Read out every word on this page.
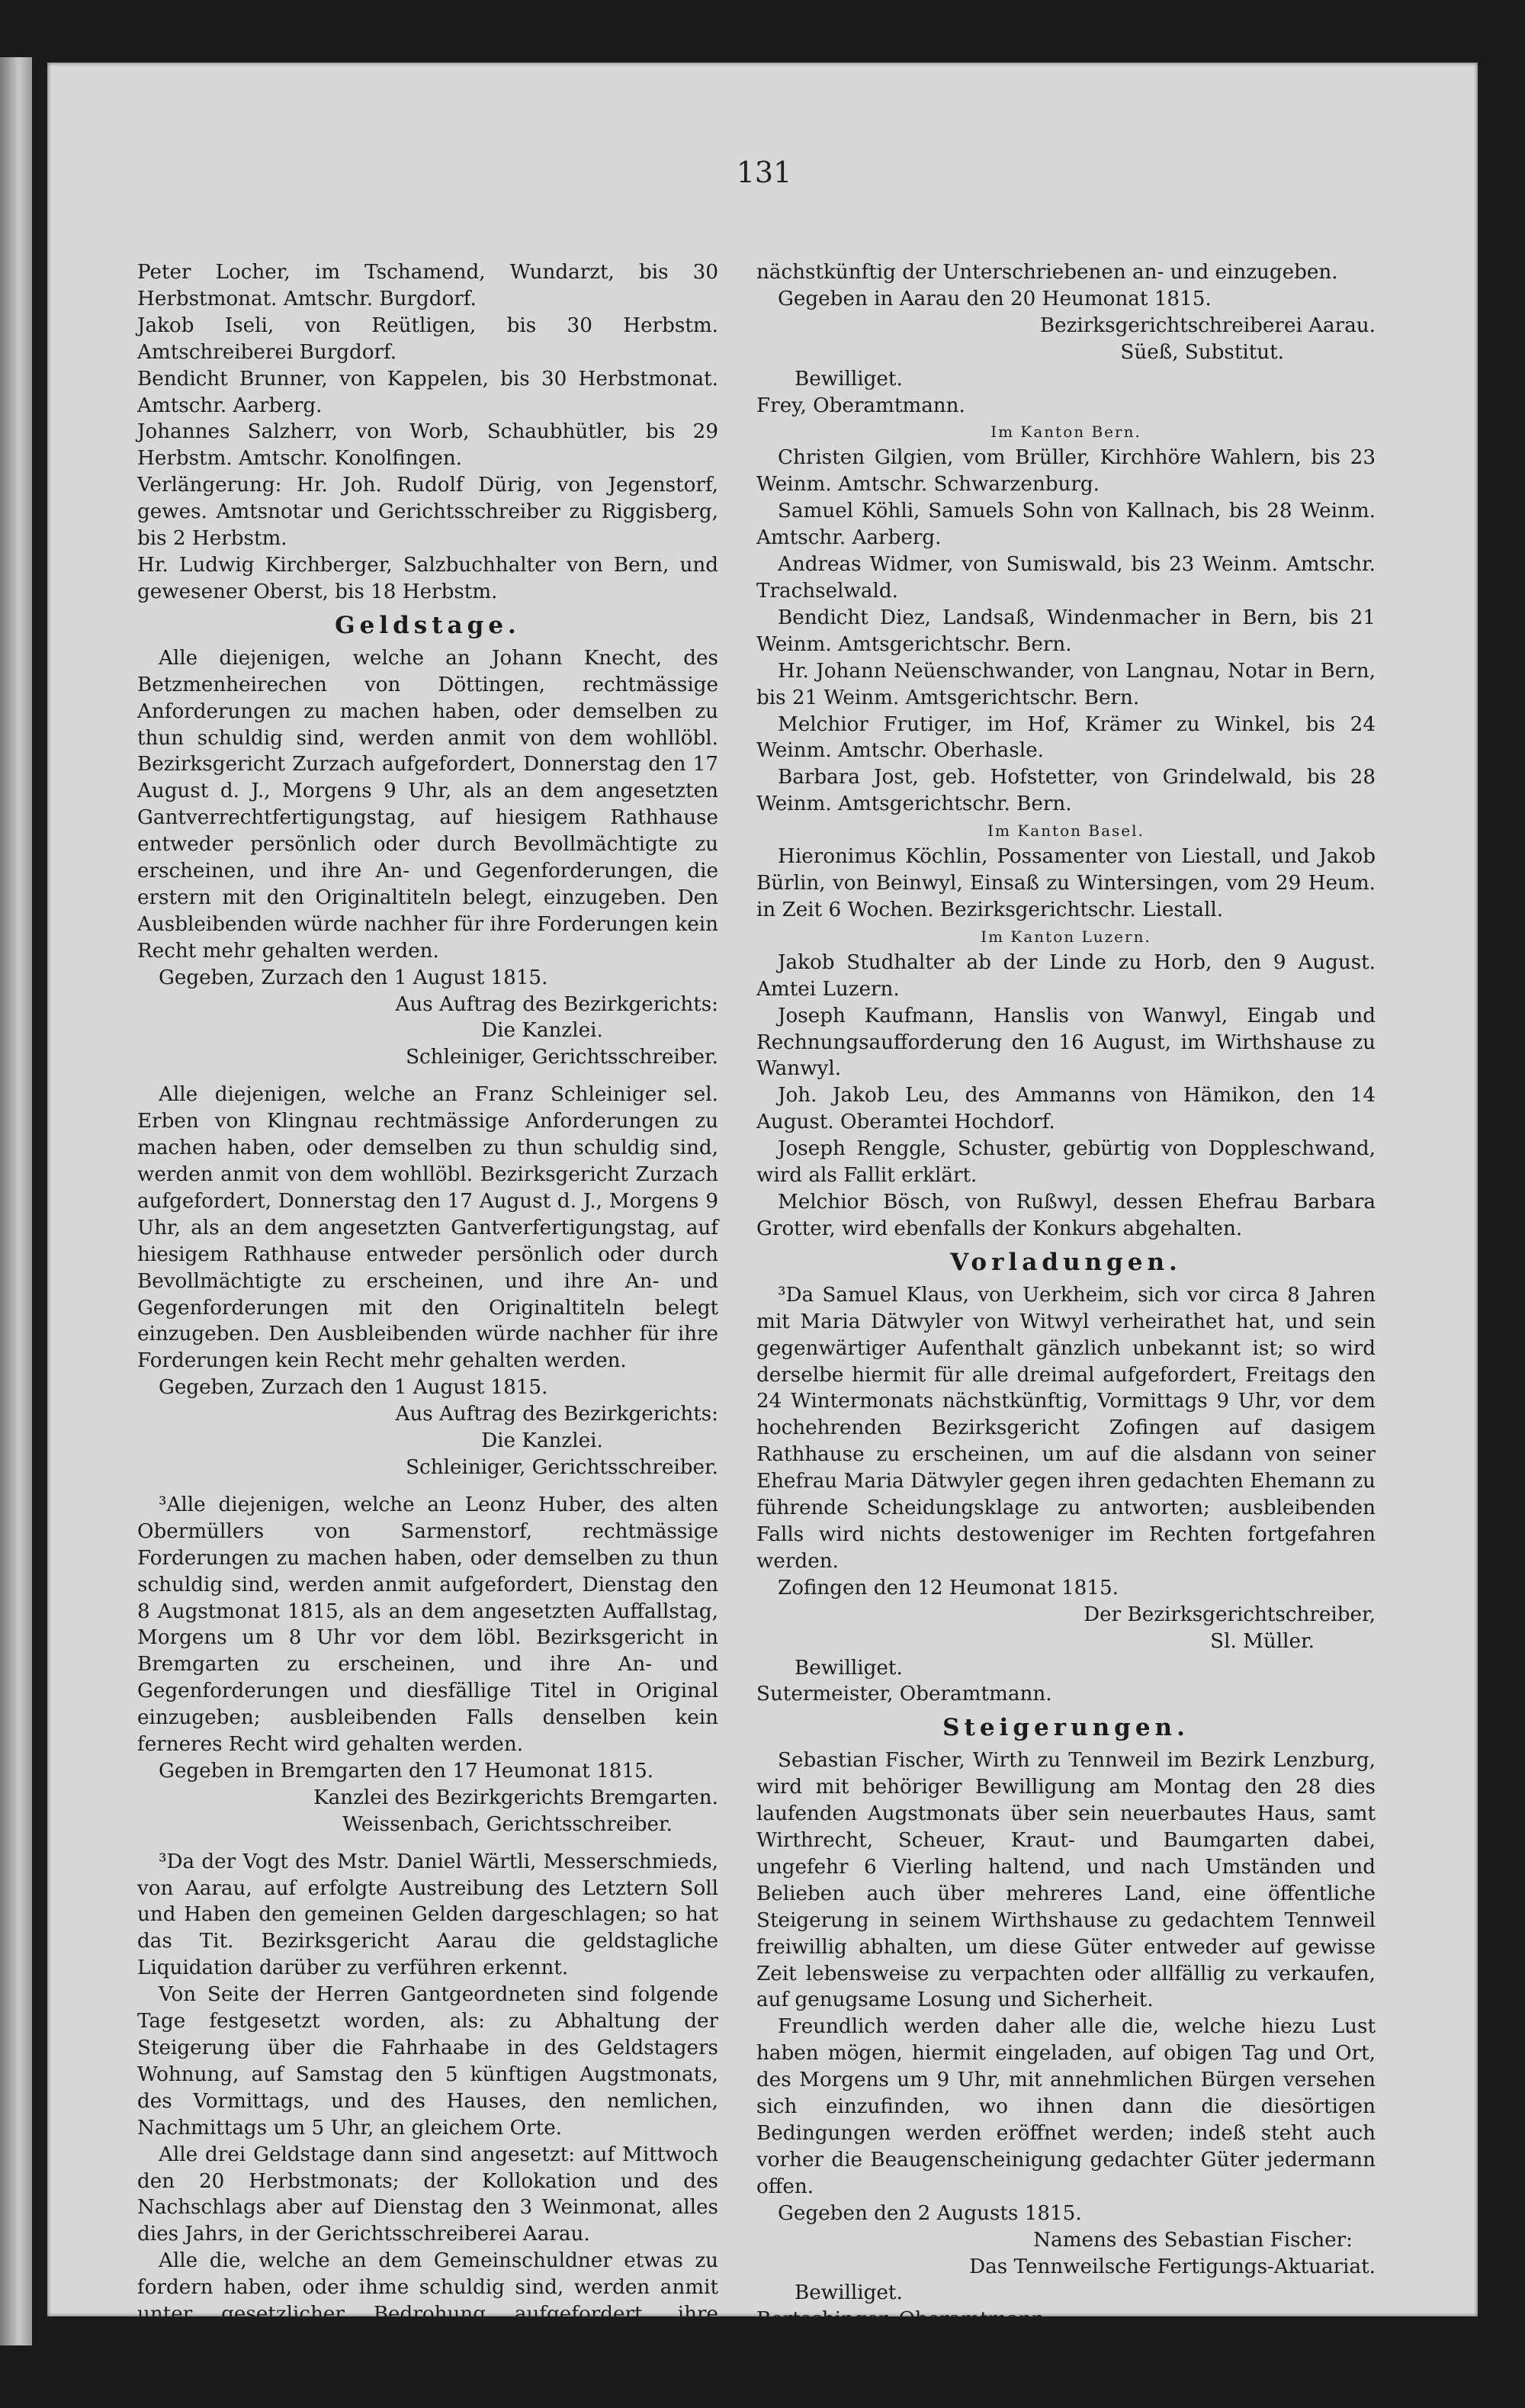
131

Peter Locher, im Tschamend, Wundarzt, bis 30 Herbstmonat. Amtschr. Burgdorf.

Jakob Iseli, von Reütligen, bis 30 Herbstm. Amtschreiberei Burgdorf.

Bendicht Brunner, von Kappelen, bis 30 Herbstmonat. Amtschr. Aarberg.

Johannes Salzherr, von Worb, Schaubhütler, bis 29 Herbstm. Amtschr. Konolfingen.

Verlängerung: Hr. Joh. Rudolf Dürig, von Jegenstorf, gewes. Amtsnotar und Gerichtsschreiber zu Riggisberg, bis 2 Herbstm.

Hr. Ludwig Kirchberger, Salzbuchhalter von Bern, und gewesener Oberst, bis 18 Herbstm.

Geldstage.

Alle diejenigen, welche an Johann Knecht, des Betzmenheirechen von Döttingen, rechtmässige Anforderungen zu machen haben, oder demselben zu thun schuldig sind, werden anmit von dem wohllöbl. Bezirksgericht Zurzach aufgefordert, Donnerstag den 17 August d. J., Morgens 9 Uhr, als an dem angesetzten Gantverrechtfertigungstag, auf hiesigem Rathhause entweder persönlich oder durch Bevollmächtigte zu erscheinen, und ihre An- und Gegenforderungen, die erstern mit den Originaltiteln belegt, einzugeben. Den Ausbleibenden würde nachher für ihre Forderungen kein Recht mehr gehalten werden.

Gegeben, Zurzach den 1 August 1815.

Aus Auftrag des Bezirkgerichts:

Die Kanzlei.

Schleiniger, Gerichtsschreiber.

Alle diejenigen, welche an Franz Schleiniger sel. Erben von Klingnau rechtmässige Anforderungen zu machen haben, oder demselben zu thun schuldig sind, werden anmit von dem wohllöbl. Bezirksgericht Zurzach aufgefordert, Donnerstag den 17 August d. J., Morgens 9 Uhr, als an dem angesetzten Gantverfertigungstag, auf hiesigem Rathhause entweder persönlich oder durch Bevollmächtigte zu erscheinen, und ihre An- und Gegenforderungen mit den Originaltiteln belegt einzugeben. Den Ausbleibenden würde nachher für ihre Forderungen kein Recht mehr gehalten werden.

Gegeben, Zurzach den 1 August 1815.

Aus Auftrag des Bezirkgerichts:

Die Kanzlei.

Schleiniger, Gerichtsschreiber.

³Alle diejenigen, welche an Leonz Huber, des alten Obermüllers von Sarmenstorf, rechtmässige Forderungen zu machen haben, oder demselben zu thun schuldig sind, werden anmit aufgefordert, Dienstag den 8 Augstmonat 1815, als an dem angesetzten Auffallstag, Morgens um 8 Uhr vor dem löbl. Bezirksgericht in Bremgarten zu erscheinen, und ihre An- und Gegenforderungen und diesfällige Titel in Original einzugeben; ausbleibenden Falls denselben kein ferneres Recht wird gehalten werden.

Gegeben in Bremgarten den 17 Heumonat 1815.

Kanzlei des Bezirkgerichts Bremgarten.

Weissenbach, Gerichtsschreiber.

³Da der Vogt des Mstr. Daniel Wärtli, Messerschmieds, von Aarau, auf erfolgte Austreibung des Letztern Soll und Haben den gemeinen Gelden dargeschlagen; so hat das Tit. Bezirksgericht Aarau die geldstagliche Liquidation darüber zu verführen erkennt.

Von Seite der Herren Gantgeordneten sind folgende Tage festgesetzt worden, als: zu Abhaltung der Steigerung über die Fahrhaabe in des Geldstagers Wohnung, auf Samstag den 5 künftigen Augstmonats, des Vormittags, und des Hauses, den nemlichen, Nachmittags um 5 Uhr, an gleichem Orte.

Alle drei Geldstage dann sind angesetzt: auf Mittwoch den 20 Herbstmonats; der Kollokation und des Nachschlags aber auf Dienstag den 3 Weinmonat, alles dies Jahrs, in der Gerichtsschreiberei Aarau.

Alle die, welche an dem Gemeinschuldner etwas zu fordern haben, oder ihme schuldig sind, werden anmit unter gesetzlicher Bedrohung aufgefordert, ihre Anforderungen und Schuldigkeiten schriftlich und wohl spezifizirt, erstere dann gut bescheiniget, bis und mit dem 20 Herbstmonat

nächstkünftig der Unterschriebenen an- und einzugeben.

Gegeben in Aarau den 20 Heumonat 1815.

Bezirksgerichtschreiberei Aarau.

Süeß, Substitut.

Bewilliget.

Frey, Oberamtmann.

Im Kanton Bern.

Christen Gilgien, vom Brüller, Kirchhöre Wahlern, bis 23 Weinm. Amtschr. Schwarzenburg.

Samuel Köhli, Samuels Sohn von Kallnach, bis 28 Weinm. Amtschr. Aarberg.

Andreas Widmer, von Sumiswald, bis 23 Weinm. Amtschr. Trachselwald.

Bendicht Diez, Landsaß, Windenmacher in Bern, bis 21 Weinm. Amtsgerichtschr. Bern.

Hr. Johann Neüenschwander, von Langnau, Notar in Bern, bis 21 Weinm. Amtsgerichtschr. Bern.

Melchior Frutiger, im Hof, Krämer zu Winkel, bis 24 Weinm. Amtschr. Oberhasle.

Barbara Jost, geb. Hofstetter, von Grindelwald, bis 28 Weinm. Amtsgerichtschr. Bern.

Im Kanton Basel.

Hieronimus Köchlin, Possamenter von Liestall, und Jakob Bürlin, von Beinwyl, Einsaß zu Wintersingen, vom 29 Heum. in Zeit 6 Wochen. Bezirksgerichtschr. Liestall.

Im Kanton Luzern.

Jakob Studhalter ab der Linde zu Horb, den 9 August. Amtei Luzern.

Joseph Kaufmann, Hanslis von Wanwyl, Eingab und Rechnungsaufforderung den 16 August, im Wirthshause zu Wanwyl.

Joh. Jakob Leu, des Ammanns von Hämikon, den 14 August. Oberamtei Hochdorf.

Joseph Renggle, Schuster, gebürtig von Doppleschwand, wird als Fallit erklärt.

Melchior Bösch, von Rußwyl, dessen Ehefrau Barbara Grotter, wird ebenfalls der Konkurs abgehalten.

Vorladungen.

³Da Samuel Klaus, von Uerkheim, sich vor circa 8 Jahren mit Maria Dätwyler von Witwyl verheirathet hat, und sein gegenwärtiger Aufenthalt gänzlich unbekannt ist; so wird derselbe hiermit für alle dreimal aufgefordert, Freitags den 24 Wintermonats nächstkünftig, Vormittags 9 Uhr, vor dem hochehrenden Bezirksgericht Zofingen auf dasigem Rathhause zu erscheinen, um auf die alsdann von seiner Ehefrau Maria Dätwyler gegen ihren gedachten Ehemann zu führende Scheidungsklage zu antworten; ausbleibenden Falls wird nichts destoweniger im Rechten fortgefahren werden.

Zofingen den 12 Heumonat 1815.

Der Bezirksgerichtschreiber,

Sl. Müller.

Bewilliget.

Sutermeister, Oberamtmann.

Steigerungen.

Sebastian Fischer, Wirth zu Tennweil im Bezirk Lenzburg, wird mit behöriger Bewilligung am Montag den 28 dies laufenden Augstmonats über sein neuerbautes Haus, samt Wirthrecht, Scheuer, Kraut- und Baumgarten dabei, ungefehr 6 Vierling haltend, und nach Umständen und Belieben auch über mehreres Land, eine öffentliche Steigerung in seinem Wirthshause zu gedachtem Tennweil freiwillig abhalten, um diese Güter entweder auf gewisse Zeit lebensweise zu verpachten oder allfällig zu verkaufen, auf genugsame Losung und Sicherheit.

Freundlich werden daher alle die, welche hiezu Lust haben mögen, hiermit eingeladen, auf obigen Tag und Ort, des Morgens um 9 Uhr, mit annehmlichen Bürgen versehen sich einzufinden, wo ihnen dann die diesörtigen Bedingungen werden eröffnet werden; indeß steht auch vorher die Beaugenscheinigung gedachter Güter jedermann offen.

Gegeben den 2 Augusts 1815.

Namens des Sebastian Fischer:

Das Tennweilsche Fertigungs-Aktuariat.

Bewilliget.

Bertschinger, Oberamtmann.
